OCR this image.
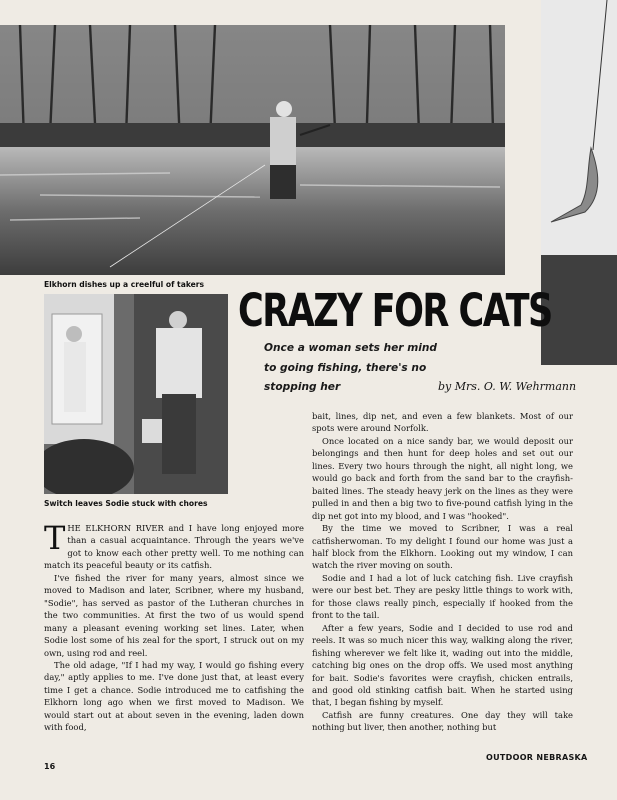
Elkhorn dishes up a creelful of takers
Switch leaves Sodie stuck with chores
CRAZY FOR CATS
Once a woman sets her mind to going fishing, there's no stopping her	by Mrs. O. W. Wehrmann

THE ELKHORN RIVER and I have long enjoyed more than a casual acquaintance. Through the years we've got to know each other pretty well. To me nothing can match its peaceful beauty or its catfish.

I've fished the river for many years, almost since we moved to Madison and later, Scribner, where my husband, "Sodie", has served as pastor of the Lutheran churches in the two communities. At first the two of us would spend many a pleasant evening working set lines. Later, when Sodie lost some of his zeal for the sport, I struck out on my own, using rod and reel.

The old adage, "If I had my way, I would go fishing every day," aptly applies to me. I've done just that, at least every time I get a chance. Sodie introduced me to catfishing the Elkhorn long ago when we first moved to Madison. We would start out at about seven in the evening, laden down with food,

bait, lines, dip net, and even a few blankets. Most of our spots were around Norfolk.

Once located on a nice sandy bar, we would deposit our belongings and then hunt for deep holes and set out our lines. Every two hours through the night, all night long, we would go back and forth from the sand bar to the crayfish-baited lines. The steady heavy jerk on the lines as they were pulled in and then a big two to five-pound catfish lying in the dip net got into my blood, and I was "hooked".

By the time we moved to Scribner, I was a real catfisherwoman. To my delight I found our home was just a half block from the Elkhorn. Looking out my window, I can watch the river moving on south.

Sodie and I had a lot of luck catching fish. Live crayfish were our best bet. They are pesky little things to work with, for those claws really pinch, especially if hooked from the front to the tail.

After a few years, Sodie and I decided to use rod and reels. It was so much nicer this way, walking along the river, fishing wherever we felt like it, wading out into the middle, catching big ones on the drop offs. We used most anything for bait. Sodie's favorites were crayfish, chicken entrails, and good old stinking catfish bait. When he started using that, I began fishing by myself.

Catfish are funny creatures. One day they will take nothing but liver, then another, nothing but

16
OUTDOOR NEBRASKA
